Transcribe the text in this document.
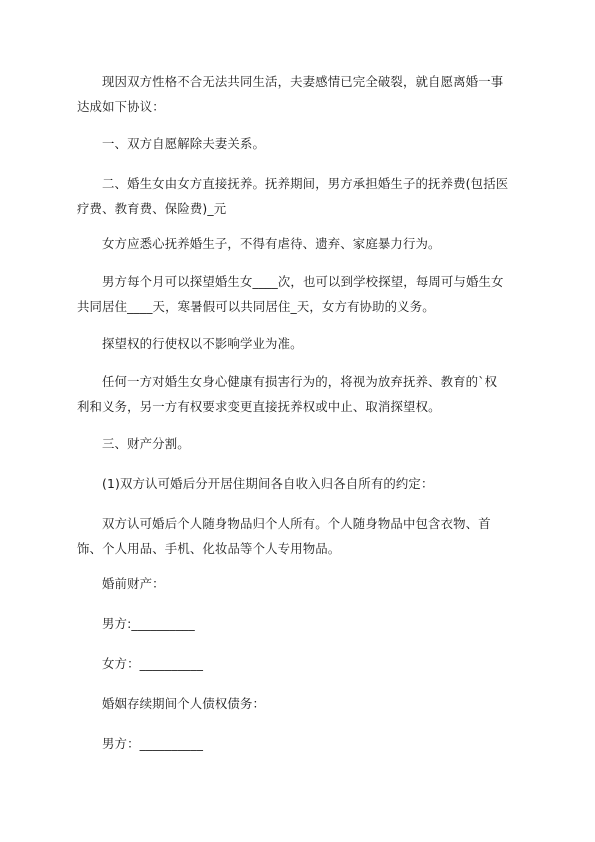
现因双方性格不合无法共同生活，夫妻感情已完全破裂，就自愿离婚一事达成如下协议：

一、双方自愿解除夫妻关系。

二、婚生女由女方直接抚养。抚养期间，男方承担婚生子的抚养费(包括医疗费、教育费、保险费)_元

女方应悉心抚养婚生子，不得有虐待、遗弃、家庭暴力行为。

男方每个月可以探望婚生女____次，也可以到学校探望，每周可与婚生女共同居住____天，寒暑假可以共同居住_天，女方有协助的义务。

探望权的行使权以不影响学业为准。

任何一方对婚生女身心健康有损害行为的，将视为放弃抚养、教育的`权利和义务，另一方有权要求变更直接抚养权或中止、取消探望权。

三、财产分割。

(1)双方认可婚后分开居住期间各自收入归各自所有的约定：

双方认可婚后个人随身物品归个人所有。个人随身物品中包含衣物、首饰、个人用品、手机、化妆品等个人专用物品。

婚前财产：

男方:__________

女方：__________

婚姻存续期间个人债权债务：

男方：__________
